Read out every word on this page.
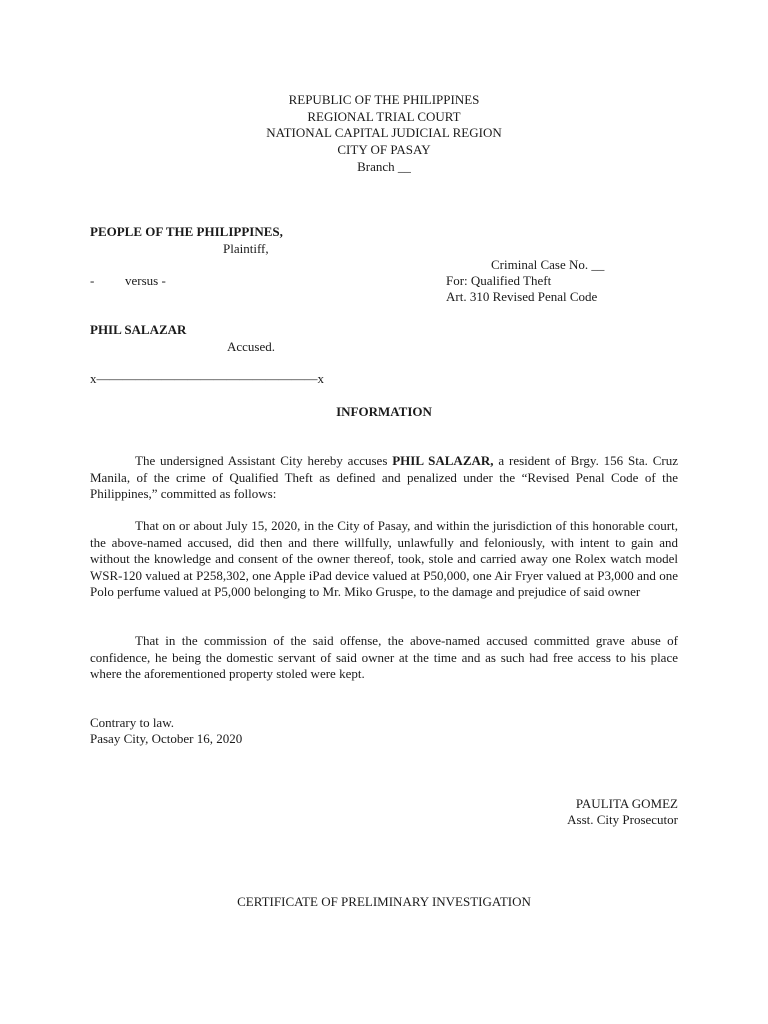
REPUBLIC OF THE PHILIPPINES
REGIONAL TRIAL COURT
NATIONAL CAPITAL JUDICIAL REGION
CITY OF PASAY
Branch __
PEOPLE OF THE PHILIPPINES,
Plaintiff,
Criminal Case No. __
- versus -	For: Qualified Theft
Art. 310 Revised Penal Code
PHIL SALAZAR
Accused.
x—————————————————x
INFORMATION
The undersigned Assistant City hereby accuses PHIL SALAZAR, a resident of Brgy. 156 Sta. Cruz Manila, of the crime of Qualified Theft as defined and penalized under the “Revised Penal Code of the Philippines,” committed as follows:
That on or about July 15, 2020, in the City of Pasay, and within the jurisdiction of this honorable court, the above-named accused, did then and there willfully, unlawfully and feloniously, with intent to gain and without the knowledge and consent of the owner thereof, took, stole and carried away one Rolex watch model WSR-120 valued at P258,302, one Apple iPad device valued at P50,000, one Air Fryer valued at P3,000 and one Polo perfume valued at P5,000 belonging to Mr. Miko Gruspe, to the damage and prejudice of said owner
That in the commission of the said offense, the above-named accused committed grave abuse of confidence, he being the domestic servant of said owner at the time and as such had free access to his place where the aforementioned property stoled were kept.
Contrary to law.
Pasay City, October 16, 2020
PAULITA GOMEZ
Asst. City Prosecutor
CERTIFICATE OF PRELIMINARY INVESTIGATION
